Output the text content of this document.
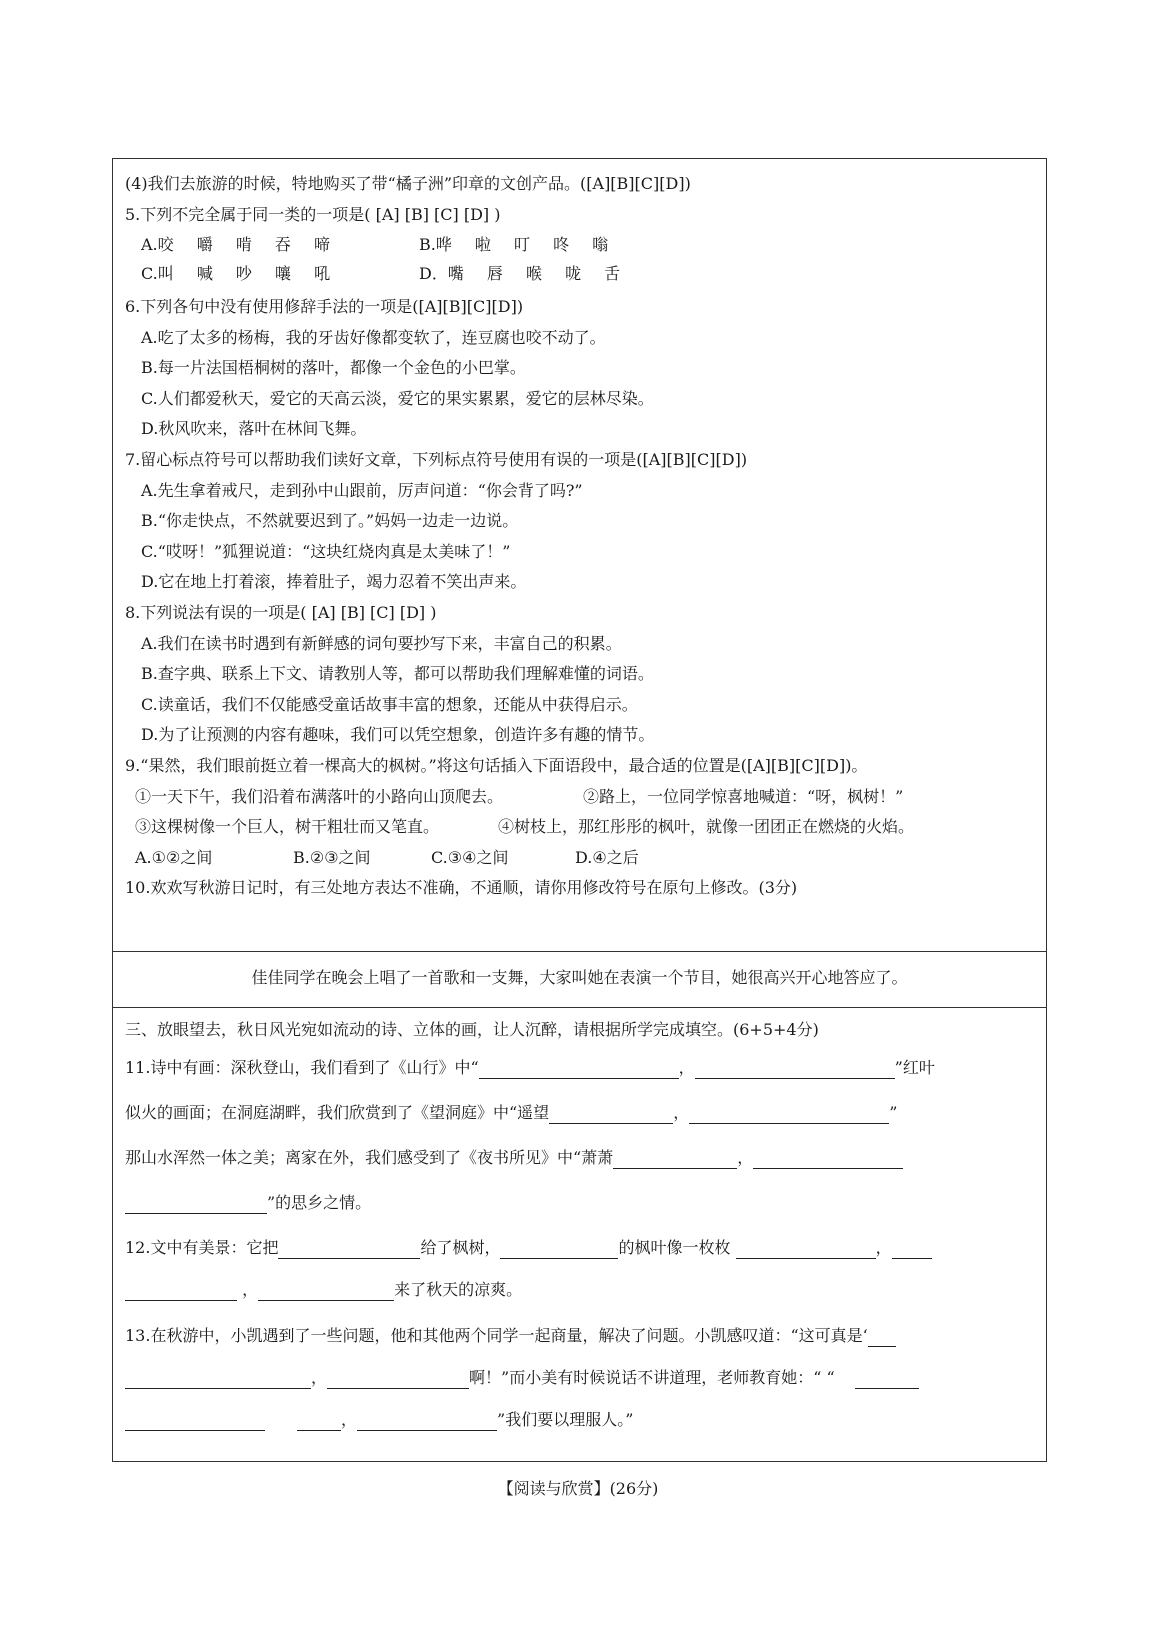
(4)我们去旅游的时候，特地购买了带“橘子洲”印章的文创产品。([A][B][C][D])
5.下列不完全属于同一类的一项是( [A] [B] [C] [D] )
A.咬 嚼 啃 吞 啼	B.哗 啦 叮 咚 嗡
C.叫 喊 吵 嚷 吼	D．嘴 唇 喉 咙 舌
6.下列各句中没有使用修辞手法的一项是([A][B][C][D])
A.吃了太多的杨梅，我的牙齿好像都变软了，连豆腐也咬不动了。
B.每一片法国梧桐树的落叶，都像一个金色的小巴掌。
C.人们都爱秋天，爱它的天高云淡，爱它的果实累累，爱它的层林尽染。
D.秋风吹来，落叶在林间飞舞。
7.留心标点符号可以帮助我们读好文章，下列标点符号使用有误的一项是([A][B][C][D])
A.先生拿着戒尺，走到孙中山跟前，厉声问道：“你会背了吗?”
B.“你走快点，不然就要迟到了。”妈妈一边走一边说。
C.“哎呀！”狐狸说道：“这块红烧肉真是太美味了！”
D.它在地上打着滚，捧着肚子，竭力忍着不笑出声来。
8.下列说法有误的一项是( [A] [B] [C] [D] )
A.我们在读书时遇到有新鲜感的词句要抄写下来，丰富自己的积累。
B.查字典、联系上下文、请教别人等，都可以帮助我们理解难懂的词语。
C.读童话，我们不仅能感受童话故事丰富的想象，还能从中获得启示。
D.为了让预测的内容有趣味，我们可以凭空想象，创造许多有趣的情节。
9.“果然，我们眼前挺立着一棵高大的枫树。”将这句话插入下面语段中，最合适的位置是([A][B][C][D])。
①一天下午，我们沿着布满落叶的小路向山顶爬去。	②路上，一位同学惊喜地喊道：“呀，枫树！”
③这棵树像一个巨人，树干粗壮而又笔直。	④树枝上，那红彤彤的枫叶，就像一团团正在燃烧的火焰。
A.①②之间	B.②③之间	C.③④之间	D.④之后
10.欢欢写秋游日记时，有三处地方表达不准确，不通顺，请你用修改符号在原句上修改。(3分)
佳佳同学在晚会上唱了一首歌和一支舞，大家叫她在表演一个节目，她很高兴开心地答应了。
三、放眼望去，秋日风光宛如流动的诗、立体的画，让人沉醉，请根据所学完成填空。(6+5+4分)
11.诗中有画：深秋登山，我们看到了《山行》中“	，	”红叶
似火的画面；在洞庭湖畔，我们欣赏到了《望洞庭》中“遥望	，	”
那山水浑然一体之美；离家在外，我们感受到了《夜书所见》中“萧萧	，
”的思乡之情。
12.文中有美景：它把	给了枫树，	的枫叶像一枚枚	，
，	来了秋天的凉爽。
13.在秋游中，小凯遇到了一些问题，他和其他两个同学一起商量，解决了问题。小凯感叹道：“这可真是‘
，	啊！”而小美有时候说话不讲道理，老师教育她：“ “
，	”我们要以理服人。”
【阅读与欣赏】(26分)
